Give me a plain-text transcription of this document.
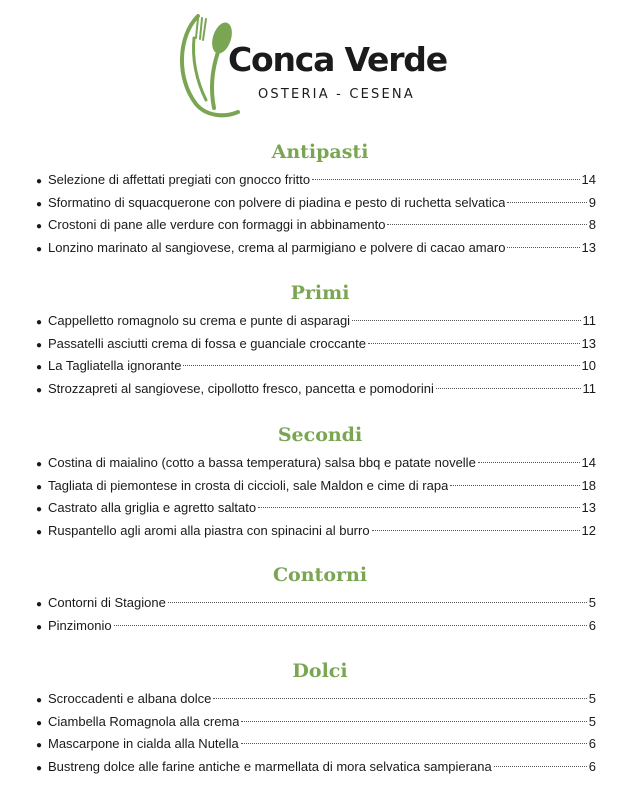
Conca Verde
OSTERIA - CESENA
Antipasti
● Selezione di affettati pregiati con gnocco fritto	14
● Sformatino di squacquerone con polvere di piadina e pesto di ruchetta selvatica	9
● Crostoni di pane alle verdure con formaggi in abbinamento	8
● Lonzino marinato al sangiovese, crema al parmigiano e polvere di cacao amaro	13
Primi
● Cappelletto romagnolo su crema e punte di asparagi	11
● Passatelli asciutti crema di fossa e guanciale croccante	13
● La Tagliatella ignorante	10
● Strozzapreti al sangiovese, cipollotto fresco, pancetta e pomodorini	11
Secondi
● Costina di maialino (cotto a bassa temperatura) salsa bbq e patate novelle	14
● Tagliata di piemontese in crosta di ciccioli, sale Maldon e cime di rapa	18
● Castrato alla griglia e agretto saltato	13
● Ruspantello agli aromi alla piastra con spinacini al burro	12
Contorni
● Contorni di Stagione	5
● Pinzimonio	6
Dolci
● Scroccadenti e albana dolce	5
● Ciambella Romagnola alla crema	5
● Mascarpone in cialda alla Nutella	6
● Bustreng dolce alle farine antiche e marmellata di mora selvatica sampierana	6
